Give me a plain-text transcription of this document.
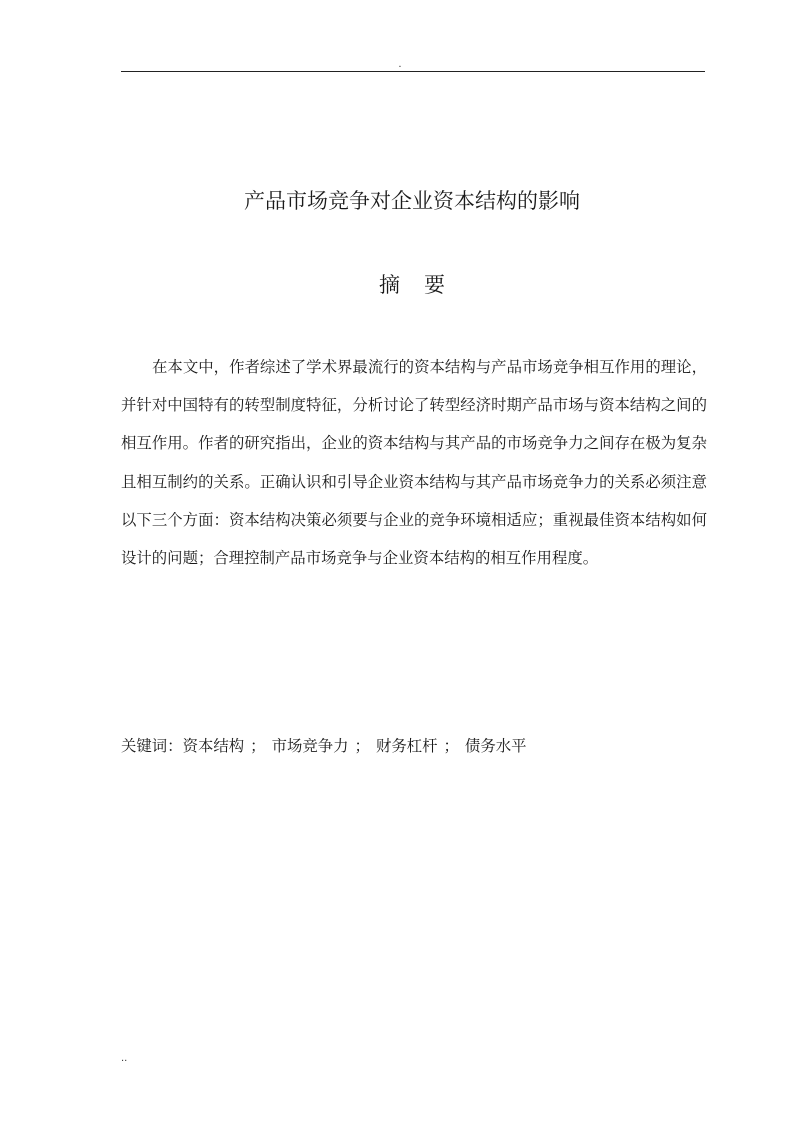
.
产品市场竞争对企业资本结构的影响
摘要

在本文中，作者综述了学术界最流行的资本结构与产品市场竞争相互作用的理论，并针对中国特有的转型制度特征，分析讨论了转型经济时期产品市场与资本结构之间的相互作用。作者的研究指出，企业的资本结构与其产品的市场竞争力之间存在极为复杂且相互制约的关系。正确认识和引导企业资本结构与其产品市场竞争力的关系必须注意以下三个方面：资本结构决策必须要与企业的竞争环境相适应；重视最佳资本结构如何设计的问题；合理控制产品市场竞争与企业资本结构的相互作用程度。

关键词：资本结构 ； 市场竞争力 ； 财务杠杆 ； 债务水平
..
